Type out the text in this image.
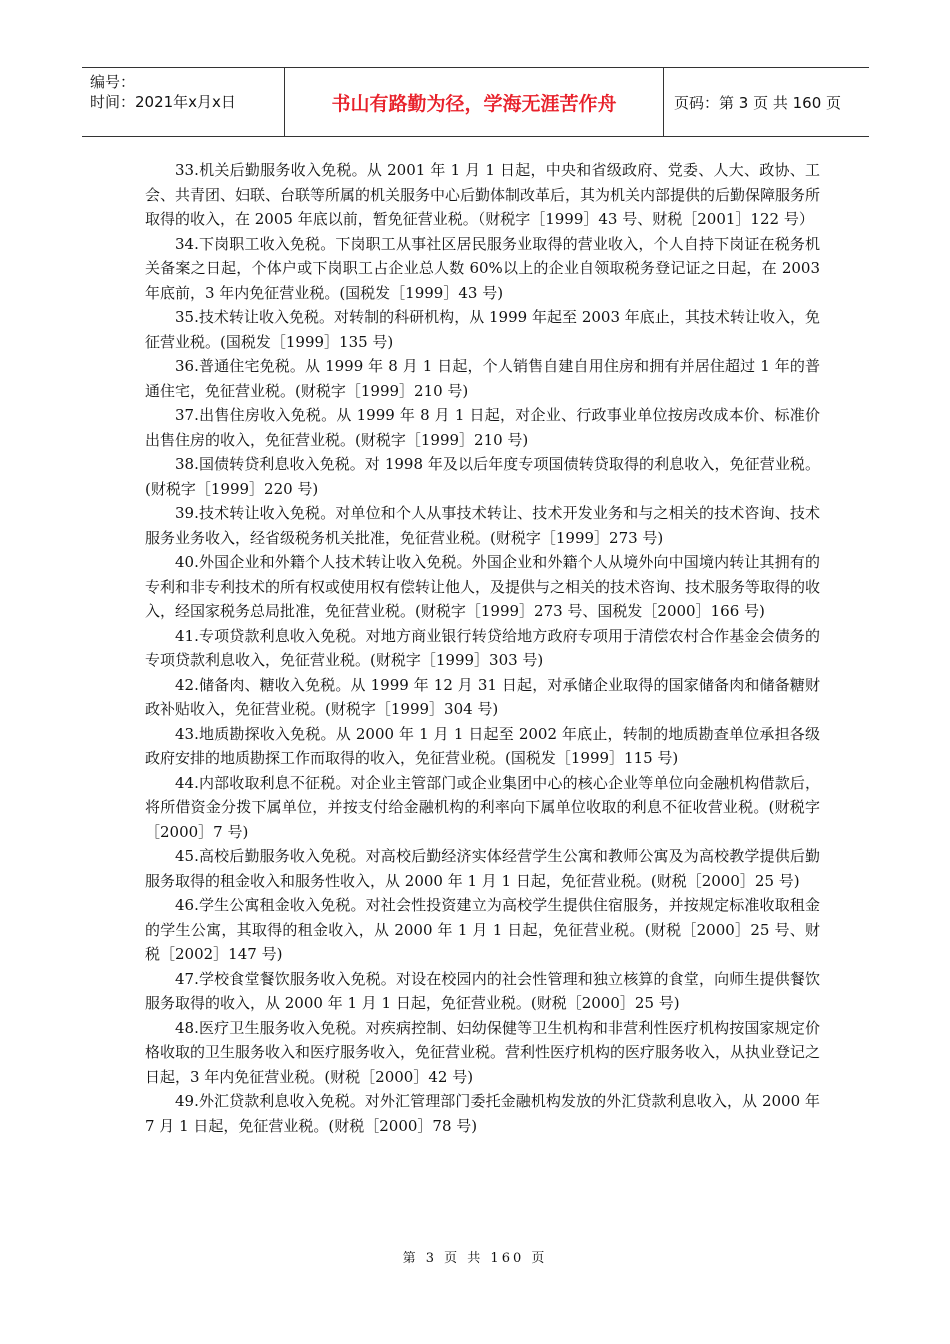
编号：
时间：2021年x月x日	书山有路勤为径，学海无涯苦作舟	页码：第 3 页 共 160 页

33.机关后勤服务收入免税。从 2001 年 1 月 1 日起，中央和省级政府、党委、人大、政协、工会、共青团、妇联、台联等所属的机关服务中心后勤体制改革后，其为机关内部提供的后勤保障服务所取得的收入，在 2005 年底以前，暂免征营业税。（财税字［1999］43 号、财税［2001］122 号）

34.下岗职工收入免税。下岗职工从事社区居民服务业取得的营业收入，个人自持下岗证在税务机关备案之日起，个体户或下岗职工占企业总人数 60%以上的企业自领取税务登记证之日起，在 2003 年底前，3 年内免征营业税。(国税发［1999］43 号)

35.技术转让收入免税。对转制的科研机构，从 1999 年起至 2003 年底止，其技术转让收入，免征营业税。(国税发［1999］135 号)

36.普通住宅免税。从 1999 年 8 月 1 日起，个人销售自建自用住房和拥有并居住超过 1 年的普通住宅，免征营业税。(财税字［1999］210 号)

37.出售住房收入免税。从 1999 年 8 月 1 日起，对企业、行政事业单位按房改成本价、标准价出售住房的收入，免征营业税。(财税字［1999］210 号)

38.国债转贷利息收入免税。对 1998 年及以后年度专项国债转贷取得的利息收入，免征营业税。(财税字［1999］220 号)

39.技术转让收入免税。对单位和个人从事技术转让、技术开发业务和与之相关的技术咨询、技术服务业务收入，经省级税务机关批准，免征营业税。(财税字［1999］273 号)

40.外国企业和外籍个人技术转让收入免税。外国企业和外籍个人从境外向中国境内转让其拥有的专利和非专利技术的所有权或使用权有偿转让他人，及提供与之相关的技术咨询、技术服务等取得的收入，经国家税务总局批准，免征营业税。(财税字［1999］273 号、国税发［2000］166 号)

41.专项贷款利息收入免税。对地方商业银行转贷给地方政府专项用于清偿农村合作基金会债务的专项贷款利息收入，免征营业税。(财税字［1999］303 号)

42.储备肉、糖收入免税。从 1999 年 12 月 31 日起，对承储企业取得的国家储备肉和储备糖财政补贴收入，免征营业税。(财税字［1999］304 号)

43.地质勘探收入免税。从 2000 年 1 月 1 日起至 2002 年底止，转制的地质勘查单位承担各级政府安排的地质勘探工作而取得的收入，免征营业税。(国税发［1999］115 号)

44.内部收取利息不征税。对企业主管部门或企业集团中心的核心企业等单位向金融机构借款后，将所借资金分拨下属单位，并按支付给金融机构的利率向下属单位收取的利息不征收营业税。(财税字［2000］7 号)

45.高校后勤服务收入免税。对高校后勤经济实体经营学生公寓和教师公寓及为高校教学提供后勤服务取得的租金收入和服务性收入，从 2000 年 1 月 1 日起，免征营业税。(财税［2000］25 号)

46.学生公寓租金收入免税。对社会性投资建立为高校学生提供住宿服务，并按规定标准收取租金的学生公寓，其取得的租金收入，从 2000 年 1 月 1 日起，免征营业税。(财税［2000］25 号、财税［2002］147 号)

47.学校食堂餐饮服务收入免税。对设在校园内的社会性管理和独立核算的食堂，向师生提供餐饮服务取得的收入，从 2000 年 1 月 1 日起，免征营业税。(财税［2000］25 号)

48.医疗卫生服务收入免税。对疾病控制、妇幼保健等卫生机构和非营利性医疗机构按国家规定价格收取的卫生服务收入和医疗服务收入，免征营业税。营利性医疗机构的医疗服务收入，从执业登记之日起，3 年内免征营业税。(财税［2000］42 号)

49.外汇贷款利息收入免税。对外汇管理部门委托金融机构发放的外汇贷款利息收入，从 2000 年 7 月 1 日起，免征营业税。(财税［2000］78 号)

第 3 页 共 160 页
